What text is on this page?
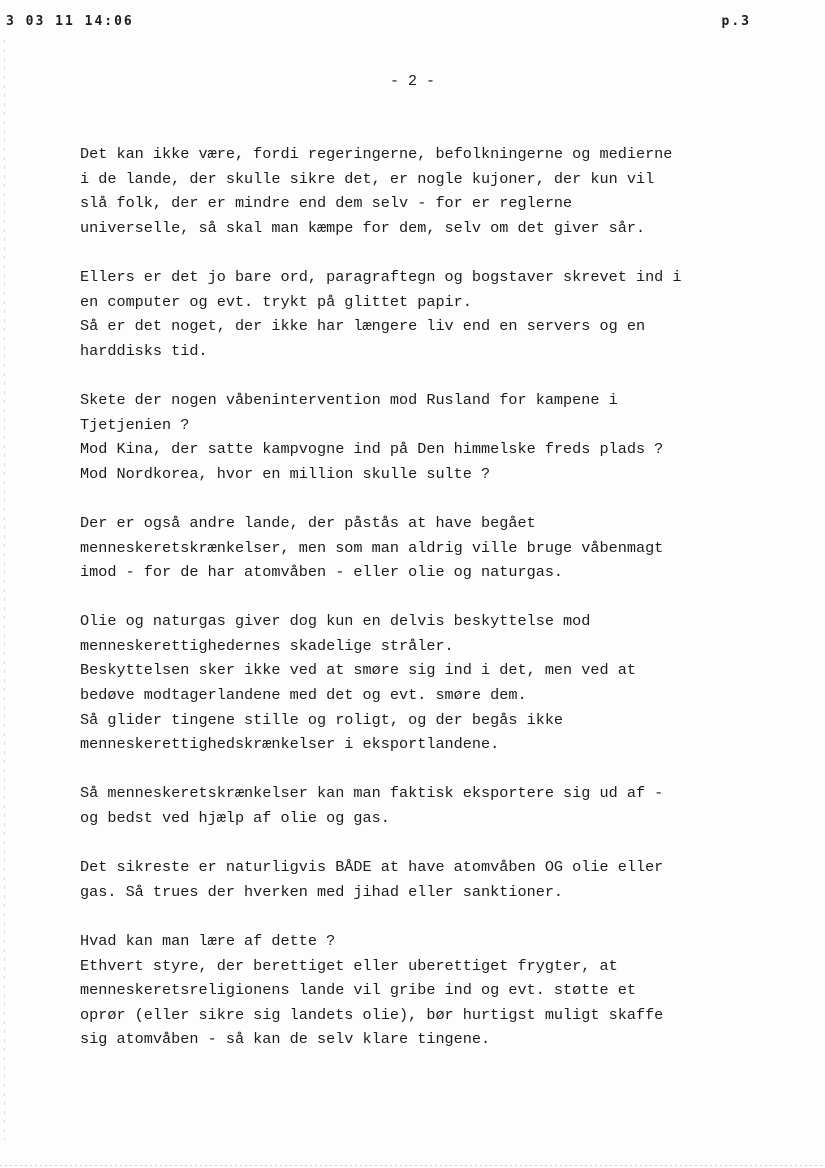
3 03 11 14:06	p.3
- 2 -
Det kan ikke være, fordi regeringerne, befolkningerne og medierne
i de lande, der skulle sikre det, er nogle kujoner, der kun vil
slå folk, der er mindre end dem selv - for er reglerne
universelle, så skal man kæmpe for dem, selv om det giver sår.
Ellers er det jo bare ord, paragraftegn og bogstaver skrevet ind i
en computer og evt. trykt på glittet papir.
Så er det noget, der ikke har længere liv end en servers og en
harddisks tid.
Skete der nogen våbenintervention mod Rusland for kampene i
Tjetjenien ?
Mod Kina, der satte kampvogne ind på Den himmelske freds plads ?
Mod Nordkorea, hvor en million skulle sulte ?
Der er også andre lande, der påstås at have begået
menneskeretskrænkelser, men som man aldrig ville bruge våbenmagt
imod - for de har atomvåben - eller olie og naturgas.
Olie og naturgas giver dog kun en delvis beskyttelse mod
menneskerettighedernes skadelige stråler.
Beskyttelsen sker ikke ved at smøre sig ind i det, men ved at
bedøve modtagerlandene med det og evt. smøre dem.
Så glider tingene stille og roligt, og der begås ikke
menneskerettighedskrænkelser i eksportlandene.
Så menneskeretskrænkelser kan man faktisk eksportere sig ud af -
og bedst ved hjælp af olie og gas.
Det sikreste er naturligvis BÅDE at have atomvåben OG olie eller
gas. Så trues der hverken med jihad eller sanktioner.
Hvad kan man lære af dette ?
Ethvert styre, der berettiget eller uberettiget frygter, at
menneskeretsreligionens lande vil gribe ind og evt. støtte et
oprør (eller sikre sig landets olie), bør hurtigst muligt skaffe
sig atomvåben - så kan de selv klare tingene.
